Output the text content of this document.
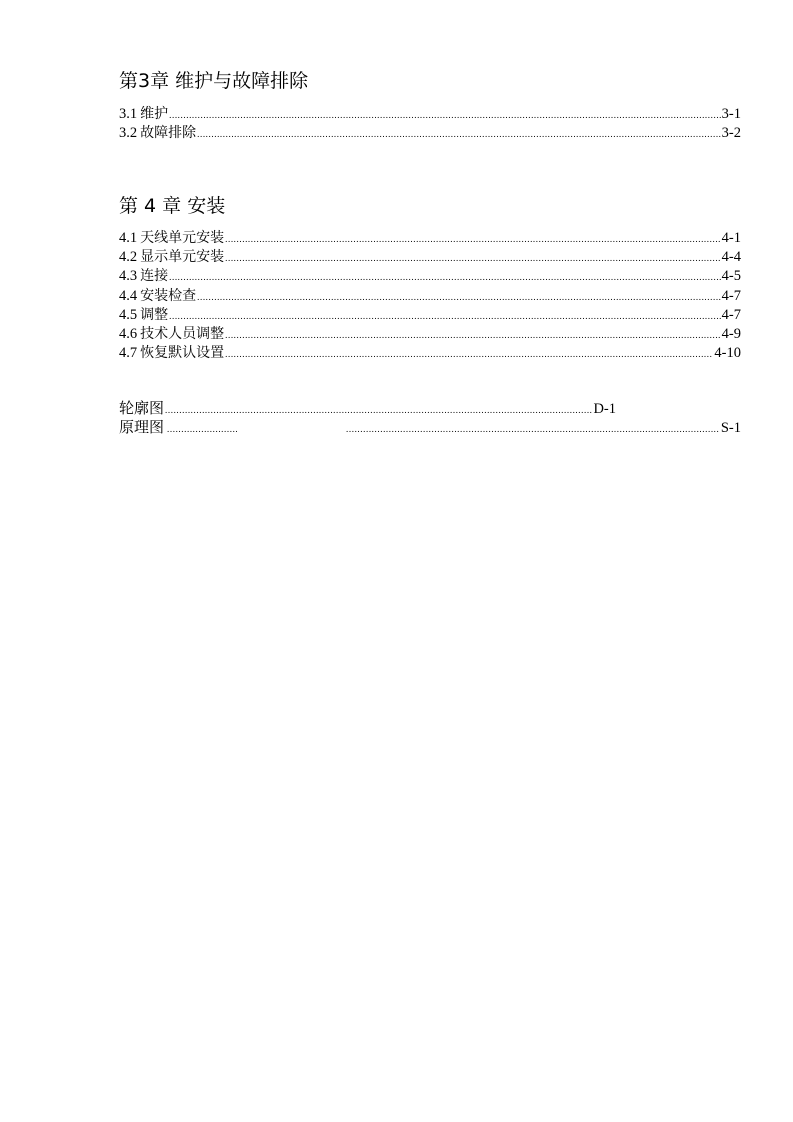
第3章 维护与故障排除
3.1 维护 .....	3-1
3.2 故障排除 .....	3-2
第 4 章 安装
4.1 天线单元安装 .....	4-1
4.2 显示单元安装 .....	4-4
4.3 连接 .....	4-5
4.4 安装检查 .....	4-7
4.5 调整 .....	4-7
4.6 技术人员调整 .....	4-9
4.7 恢复默认设置 .....	4-10
轮廓图 .....	D-1
原理图 ..... .....	S-1
